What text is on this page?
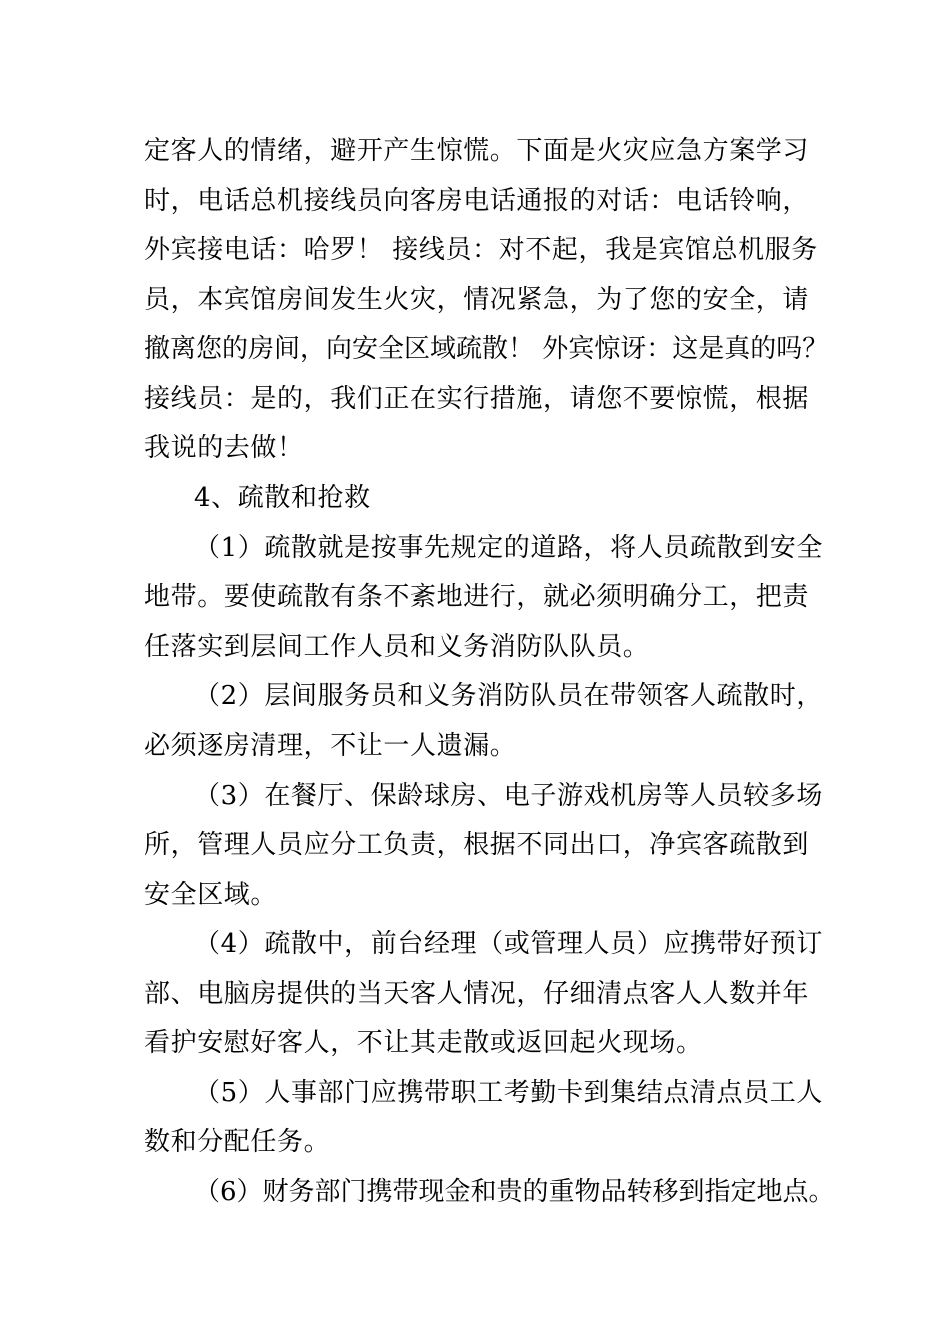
定客人的情绪，避开产生惊慌。下面是火灾应急方案学习
时，电话总机接线员向客房电话通报的对话：电话铃响，
外宾接电话：哈罗！ 接线员：对不起，我是宾馆总机服务
员，本宾馆房间发生火灾，情况紧急，为了您的安全，请
撤离您的房间，向安全区域疏散！ 外宾惊讶：这是真的吗？
接线员：是的，我们正在实行措施，请您不要惊慌，根据
我说的去做！
4、疏散和抢救
（1）疏散就是按事先规定的道路，将人员疏散到安全
地带。要使疏散有条不紊地进行，就必须明确分工，把责
任落实到层间工作人员和义务消防队队员。
（2）层间服务员和义务消防队员在带领客人疏散时，
必须逐房清理，不让一人遗漏。
（3）在餐厅、保龄球房、电子游戏机房等人员较多场
所，管理人员应分工负责，根据不同出口，净宾客疏散到
安全区域。
（4）疏散中，前台经理（或管理人员）应携带好预订
部、电脑房提供的当天客人情况，仔细清点客人人数并年
看护安慰好客人，不让其走散或返回起火现场。
（5）人事部门应携带职工考勤卡到集结点清点员工人
数和分配任务。
（6）财务部门携带现金和贵的重物品转移到指定地点。
